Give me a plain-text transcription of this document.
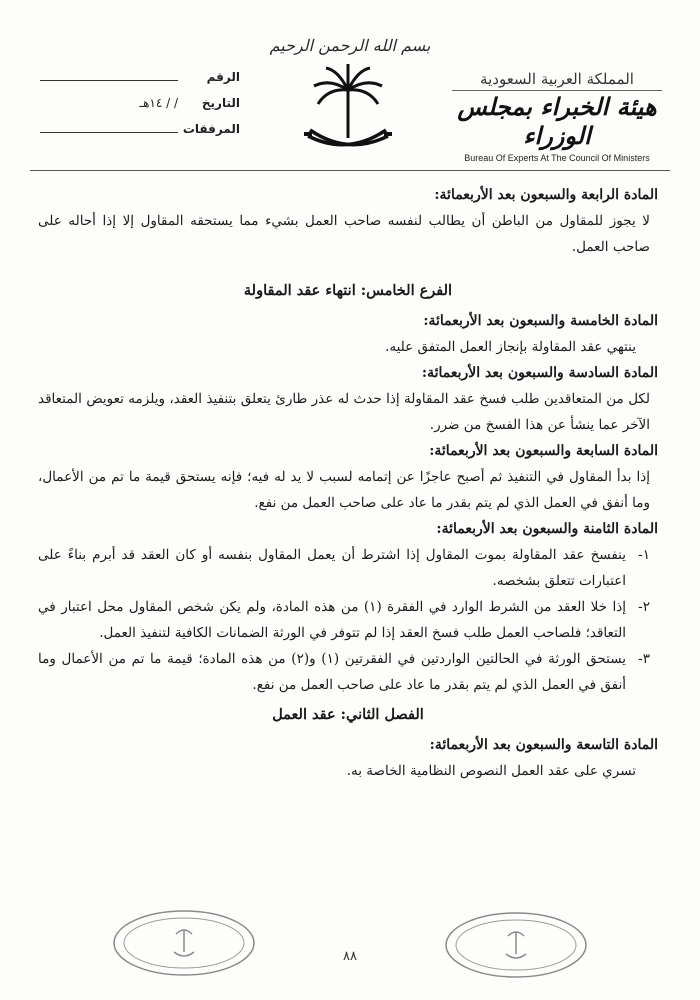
بسم الله الرحمن الرحيم
المملكة العربية السعودية
هيئة الخبراء بمجلس الوزراء
Bureau Of Experts At The Council Of Ministers
الرقم
التاريخ
/ / ١٤هـ
المرفقات

المادة الرابعة والسبعون بعد الأربعمائة:

لا يجوز للمقاول من الباطن أن يطالب لنفسه صاحب العمل بشيء مما يستحقه المقاول إلا إذا أحاله على صاحب العمل.

الفرع الخامس: انتهاء عقد المقاولة

المادة الخامسة والسبعون بعد الأربعمائة:

ينتهي عقد المقاولة بإنجاز العمل المتفق عليه.

المادة السادسة والسبعون بعد الأربعمائة:

لكل من المتعاقدين طلب فسخ عقد المقاولة إذا حدث له عذر طارئ يتعلق بتنفيذ العقد، ويلزمه تعويض المتعاقد الآخر عما ينشأ عن هذا الفسخ من ضرر.

المادة السابعة والسبعون بعد الأربعمائة:

إذا بدأ المقاول في التنفيذ ثم أصبح عاجزًا عن إتمامه لسبب لا يد له فيه؛ فإنه يستحق قيمة ما تم من الأعمال، وما أنفق في العمل الذي لم يتم بقدر ما عاد على صاحب العمل من نفع.

المادة الثامنة والسبعون بعد الأربعمائة:

١-
ينفسخ عقد المقاولة بموت المقاول إذا اشترط أن يعمل المقاول بنفسه أو كان العقد قد أبرم بناءً على اعتبارات تتعلق بشخصه.
٢-
إذا خلا العقد من الشرط الوارد في الفقرة (١) من هذه المادة، ولم يكن شخص المقاول محل اعتبار في التعاقد؛ فلصاحب العمل طلب فسخ العقد إذا لم تتوفر في الورثة الضمانات الكافية لتنفيذ العمل.
٣-
يستحق الورثة في الحالتين الواردتين في الفقرتين (١) و(٢) من هذه المادة؛ قيمة ما تم من الأعمال وما أنفق في العمل الذي لم يتم بقدر ما عاد على صاحب العمل من نفع.
الفصل الثاني: عقد العمل

المادة التاسعة والسبعون بعد الأربعمائة:

تسري على عقد العمل النصوص النظامية الخاصة به.

٨٨
